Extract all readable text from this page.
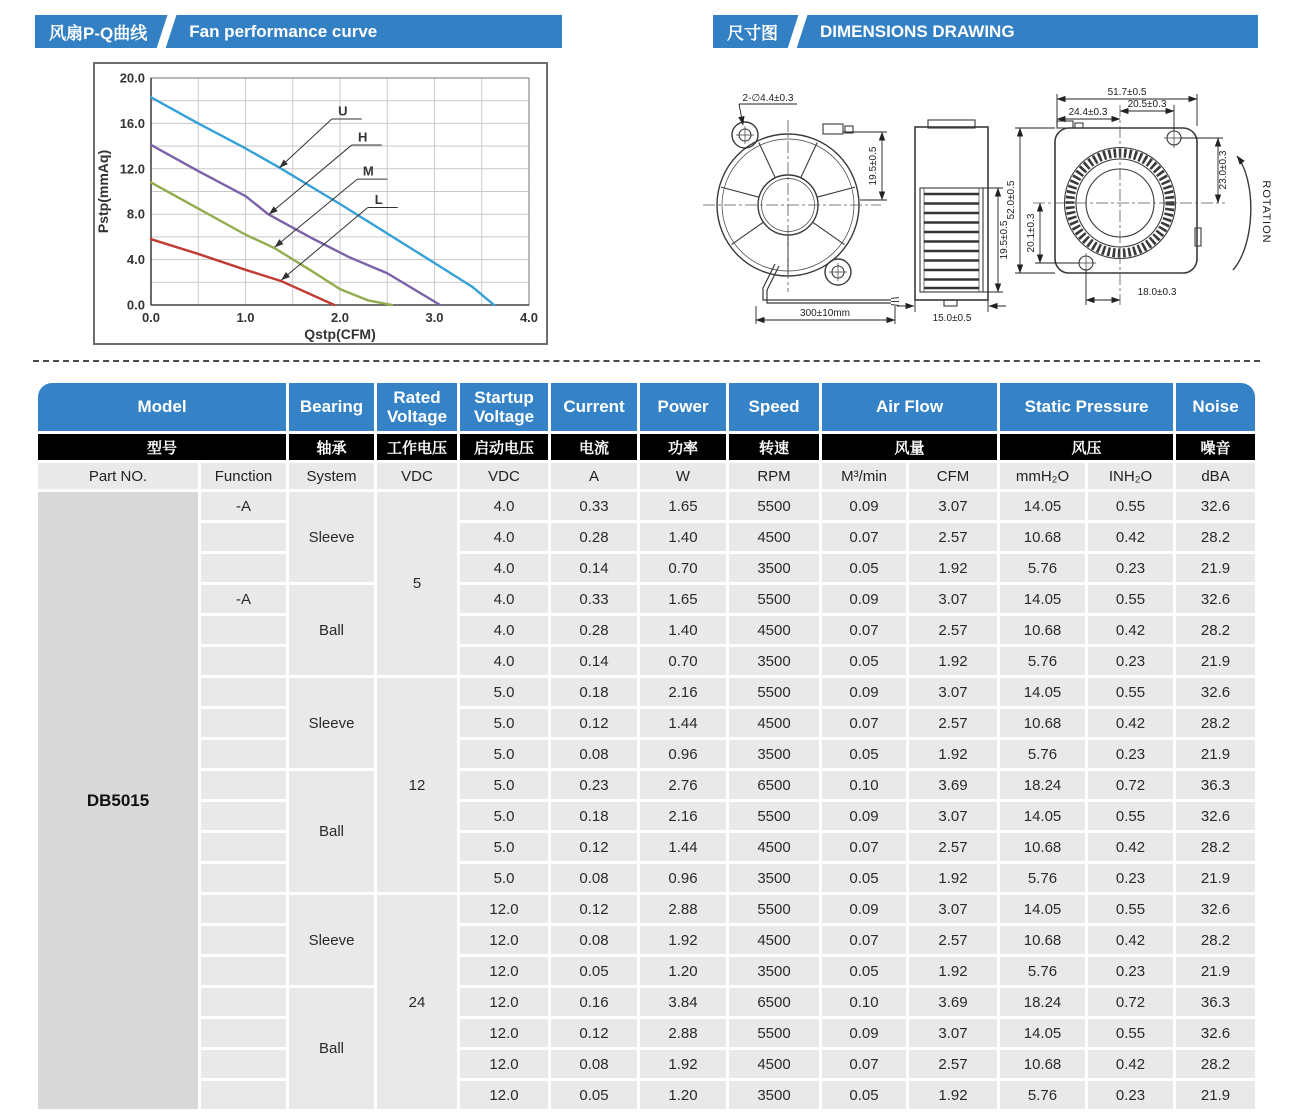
风扇P-Q曲线	Fan performance curve	尺寸图	DIMENSIONS DRAWING
0.0	1.0	2.0	3.0	4.0
0.0
4.0
8.0
12.0
16.0
20.0
Qstp(CFM)
Pstp(mmAq)
U
H
M
L
2-∅4.4±0.3
19.5±0.5
300±10mm
19.5±0.5
15.0±0.5
51.7±0.5
24.4±0.3
20.5±0.3
52.0±0.5
20.1±0.3
23.0±0.3
18.0±0.3
ROTATION
Model		Bearing	Rated Voltage	Startup Voltage	Current	Power	Speed	Air Flow		Static Pressure		Noise
型号		轴承	工作电压	启动电压	电流	功率	转速	风量		风压		噪音
Part NO.	Function	System	VDC	VDC	A	W	RPM	M³/min	CFM	mmH₂O	INH₂O	dBA
DB5015	-A	Sleeve	5	4.0	0.33	1.65	5500	0.09	3.07	14.05	0.55	32.6
				4.0	0.28	1.40	4500	0.07	2.57	10.68	0.42	28.2
				4.0	0.14	0.70	3500	0.05	1.92	5.76	0.23	21.9
	-A	Ball		4.0	0.33	1.65	5500	0.09	3.07	14.05	0.55	32.6
				4.0	0.28	1.40	4500	0.07	2.57	10.68	0.42	28.2
				4.0	0.14	0.70	3500	0.05	1.92	5.76	0.23	21.9
		Sleeve	12	5.0	0.18	2.16	5500	0.09	3.07	14.05	0.55	32.6
				5.0	0.12	1.44	4500	0.07	2.57	10.68	0.42	28.2
				5.0	0.08	0.96	3500	0.05	1.92	5.76	0.23	21.9
		Ball		5.0	0.23	2.76	6500	0.10	3.69	18.24	0.72	36.3
				5.0	0.18	2.16	5500	0.09	3.07	14.05	0.55	32.6
				5.0	0.12	1.44	4500	0.07	2.57	10.68	0.42	28.2
				5.0	0.08	0.96	3500	0.05	1.92	5.76	0.23	21.9
		Sleeve	24	12.0	0.12	2.88	5500	0.09	3.07	14.05	0.55	32.6
				12.0	0.08	1.92	4500	0.07	2.57	10.68	0.42	28.2
				12.0	0.05	1.20	3500	0.05	1.92	5.76	0.23	21.9
		Ball		12.0	0.16	3.84	6500	0.10	3.69	18.24	0.72	36.3
				12.0	0.12	2.88	5500	0.09	3.07	14.05	0.55	32.6
				12.0	0.08	1.92	4500	0.07	2.57	10.68	0.42	28.2
				12.0	0.05	1.20	3500	0.05	1.92	5.76	0.23	21.9
